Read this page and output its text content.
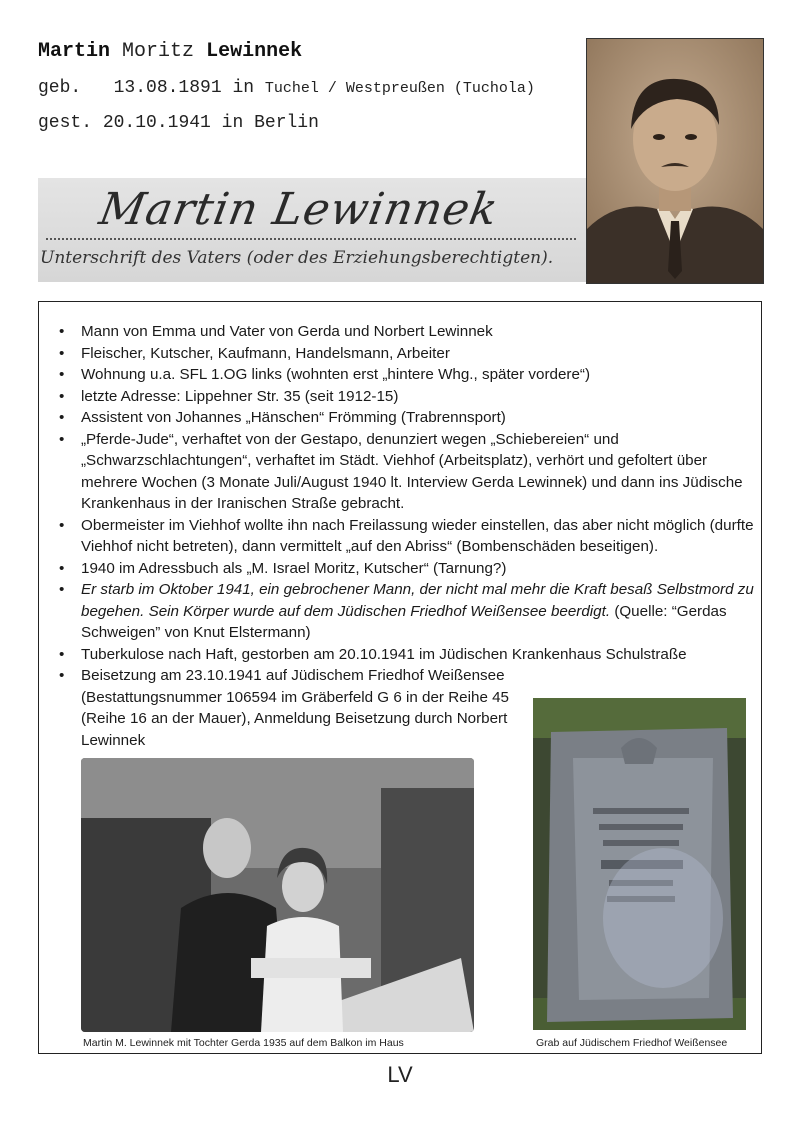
Martin Moritz Lewinnek
geb. 13.08.1891 in Tuchel / Westpreußen (Tuchola)
gest. 20.10.1941 in Berlin
Martin Lewinnek
Unterschrift des Vaters (oder des Erziehungsberechtigten).
• Mann von Emma und Vater von Gerda und Norbert Lewinnek
• Fleischer, Kutscher, Kaufmann, Handelsmann, Arbeiter
• Wohnung u.a. SFL 1.OG links (wohnten erst „hintere Whg., später vordere“)
• letzte Adresse: Lippehner Str. 35 (seit 1912-15)
• Assistent von Johannes „Hänschen“ Frömming (Trabrennsport)
• „Pferde-Jude“, verhaftet von der Gestapo, denunziert wegen „Schiebereien“ und „Schwarzschlachtungen“, verhaftet im Städt. Viehhof (Arbeitsplatz), verhört und gefoltert über mehrere Wochen (3 Monate Juli/August 1940 lt. Interview Gerda Lewinnek) und dann ins Jüdische Krankenhaus in der Iranischen Straße gebracht.
• Obermeister im Viehhof wollte ihn nach Freilassung wieder einstellen, das aber nicht möglich (durfte Viehhof nicht betreten), dann vermittelt „auf den Abriss“ (Bombenschäden beseitigen).
• 1940 im Adressbuch als „M. Israel Moritz, Kutscher“ (Tarnung?)
• Er starb im Oktober 1941, ein gebrochener Mann, der nicht mal mehr die Kraft besaß Selbstmord zu begehen. Sein Körper wurde auf dem Jüdischen Friedhof Weißensee beerdigt. (Quelle: “Gerdas Schweigen” von Knut Elstermann)
• Tuberkulose nach Haft, gestorben am 20.10.1941 im Jüdischen Krankenhaus Schulstraße
• Beisetzung am 23.10.1941 auf Jüdischem Friedhof Weißensee (Bestattungsnummer 106594 im Gräberfeld G 6 in der Reihe 45 (Reihe 16 an der Mauer), Anmeldung Beisetzung durch Norbert Lewinnek
Martin M. Lewinnek mit Tochter Gerda 1935 auf dem Balkon im Haus	Grab auf Jüdischem Friedhof Weißensee
LV
